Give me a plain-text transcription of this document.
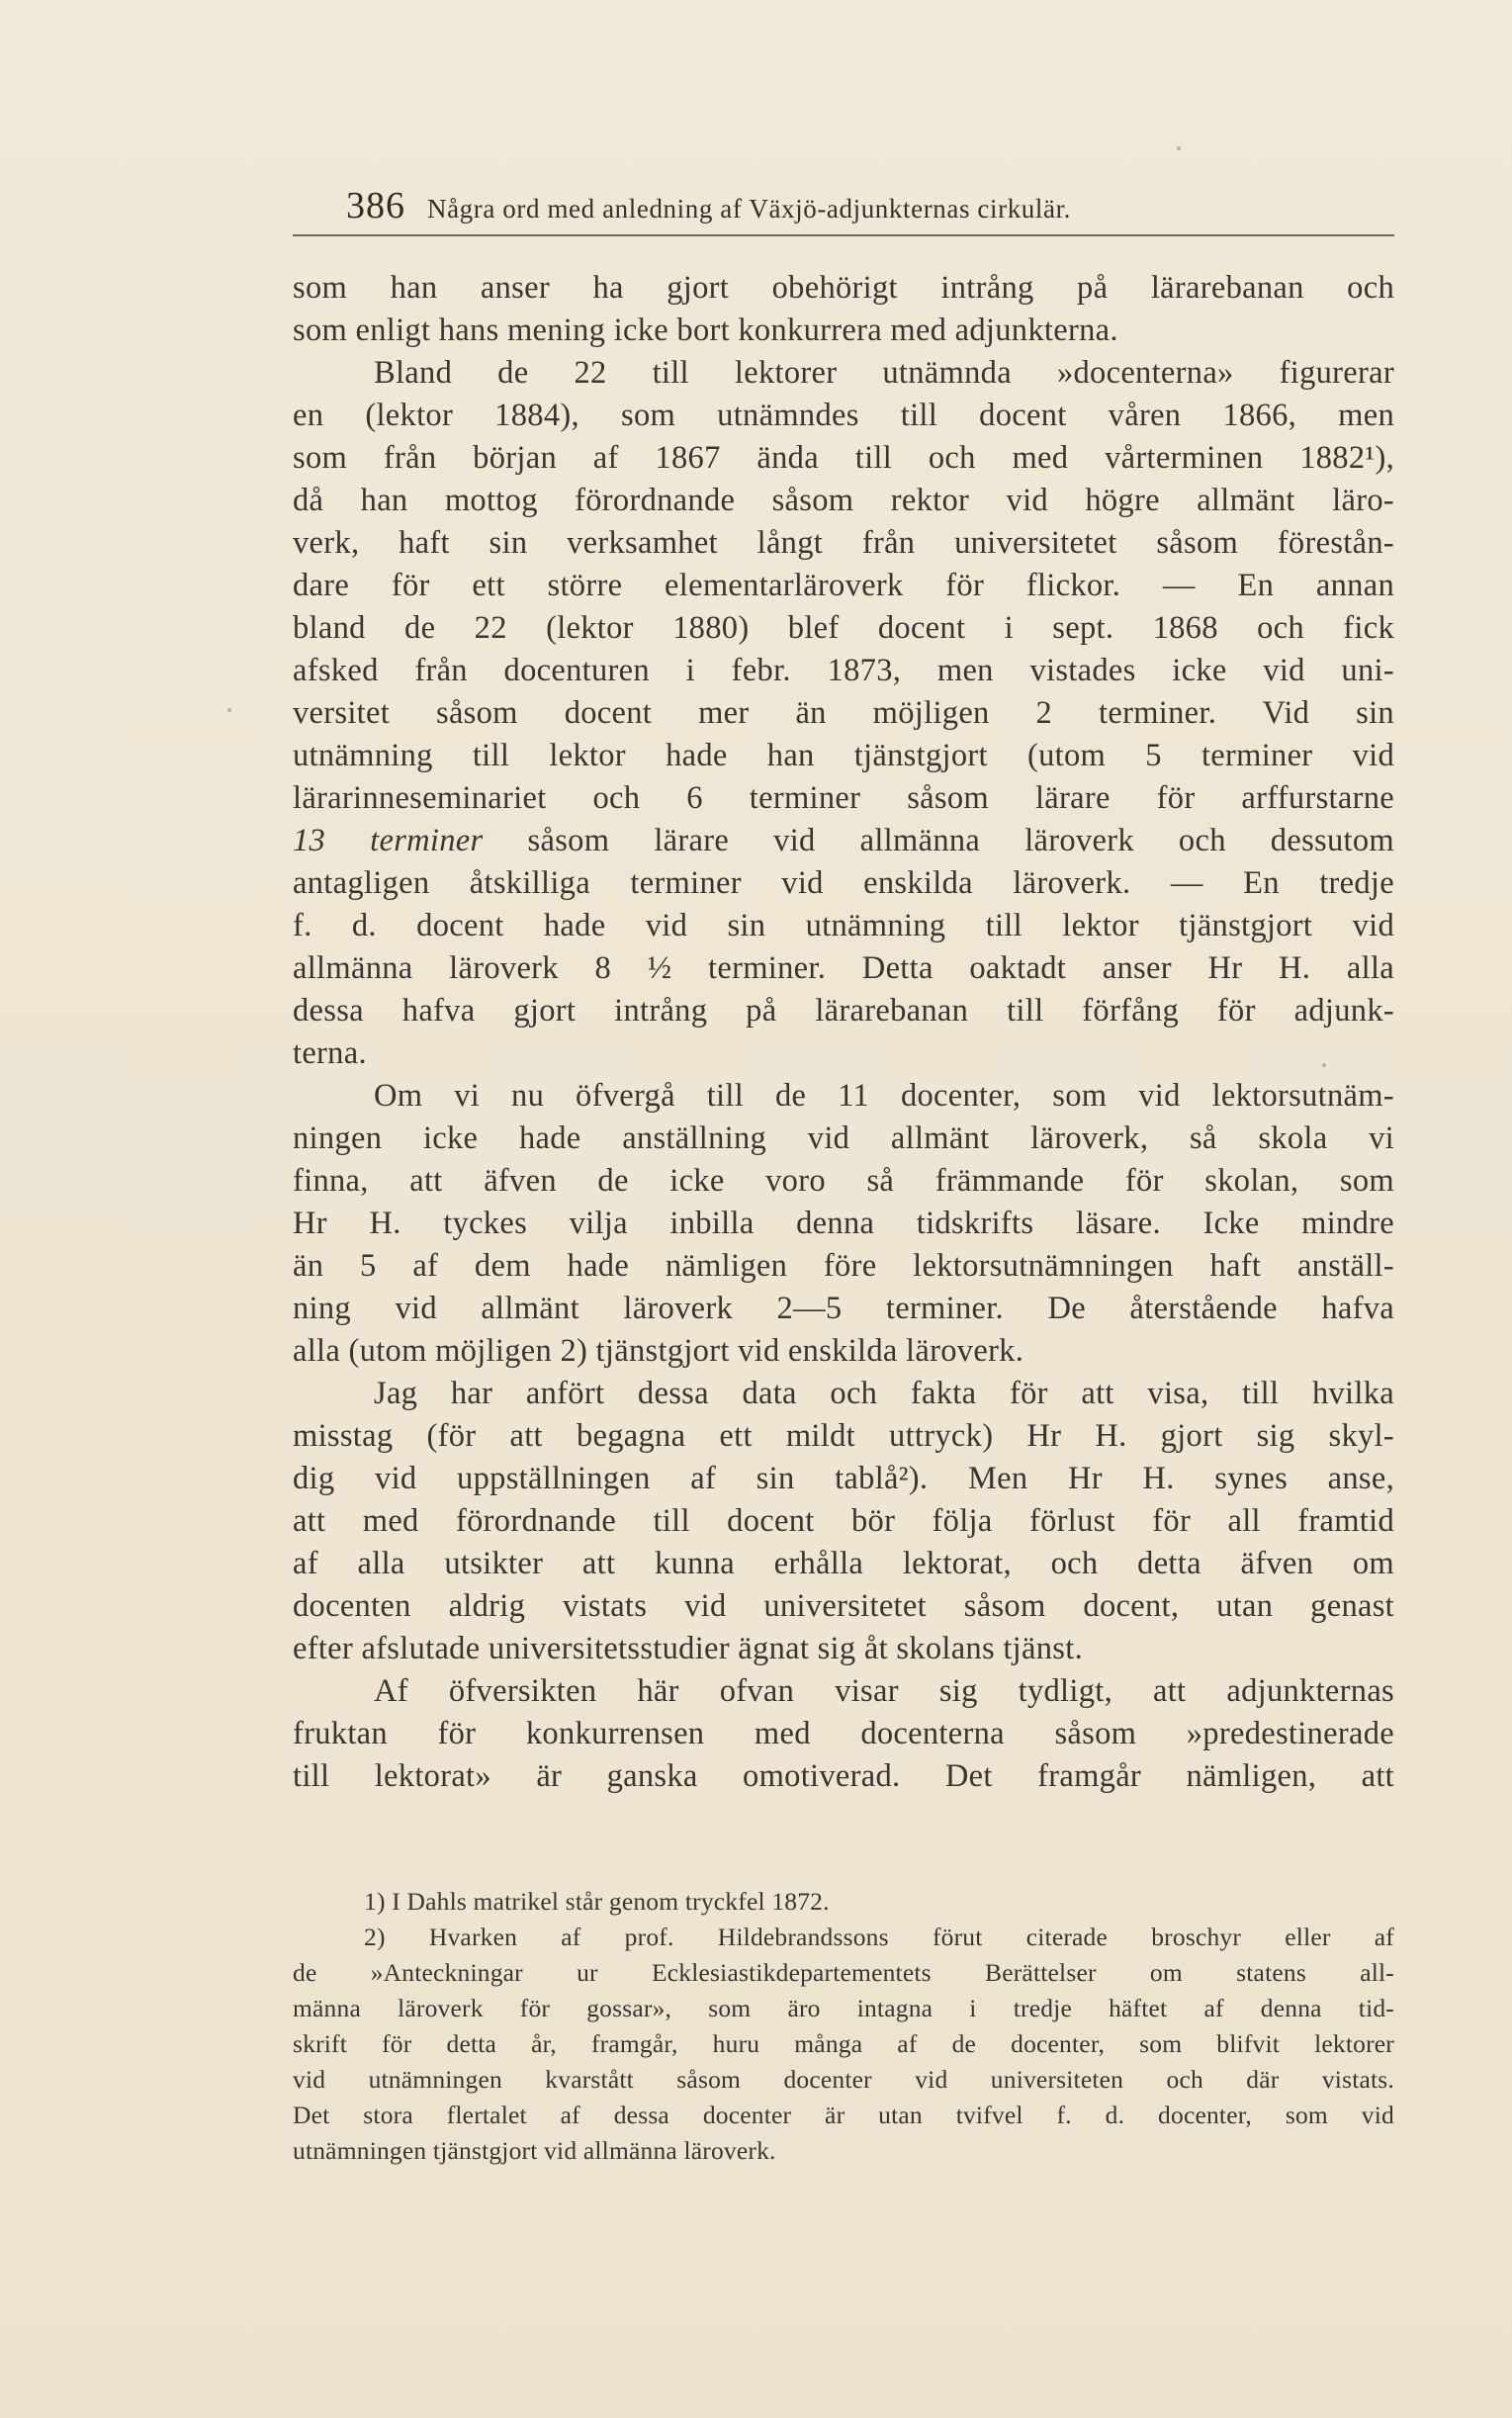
386 Några ord med anledning af Växjö-adjunkternas cirkulär.
som han anser ha gjort obehörigt intrång på lärarebanan och
som enligt hans mening icke bort konkurrera med adjunkterna.
Bland de 22 till lektorer utnämnda »docenterna» figurerar
en (lektor 1884), som utnämndes till docent våren 1866, men
som från början af 1867 ända till och med vårterminen 1882¹),
då han mottog förordnande såsom rektor vid högre allmänt läro-
verk, haft sin verksamhet långt från universitetet såsom förestån-
dare för ett större elementarläroverk för flickor. — En annan
bland de 22 (lektor 1880) blef docent i sept. 1868 och fick
afsked från docenturen i febr. 1873, men vistades icke vid uni-
versitet såsom docent mer än möjligen 2 terminer. Vid sin
utnämning till lektor hade han tjänstgjort (utom 5 terminer vid
lärarinneseminariet och 6 terminer såsom lärare för arffurstarne
13 terminer såsom lärare vid allmänna läroverk och dessutom
antagligen åtskilliga terminer vid enskilda läroverk. — En tredje
f. d. docent hade vid sin utnämning till lektor tjänstgjort vid
allmänna läroverk 8 ½ terminer. Detta oaktadt anser Hr H. alla
dessa hafva gjort intrång på lärarebanan till förfång för adjunk-
terna.
Om vi nu öfvergå till de 11 docenter, som vid lektorsutnäm-
ningen icke hade anställning vid allmänt läroverk, så skola vi
finna, att äfven de icke voro så främmande för skolan, som
Hr H. tyckes vilja inbilla denna tidskrifts läsare. Icke mindre
än 5 af dem hade nämligen före lektorsutnämningen haft anställ-
ning vid allmänt läroverk 2—5 terminer. De återstående hafva
alla (utom möjligen 2) tjänstgjort vid enskilda läroverk.
Jag har anfört dessa data och fakta för att visa, till hvilka
misstag (för att begagna ett mildt uttryck) Hr H. gjort sig skyl-
dig vid uppställningen af sin tablå²). Men Hr H. synes anse,
att med förordnande till docent bör följa förlust för all framtid
af alla utsikter att kunna erhålla lektorat, och detta äfven om
docenten aldrig vistats vid universitetet såsom docent, utan genast
efter afslutade universitetsstudier ägnat sig åt skolans tjänst.
Af öfversikten här ofvan visar sig tydligt, att adjunkternas
fruktan för konkurrensen med docenterna såsom »predestinerade
till lektorat» är ganska omotiverad. Det framgår nämligen, att
1) I Dahls matrikel står genom tryckfel 1872.
2) Hvarken af prof. Hildebrandssons förut citerade broschyr eller af
de »Anteckningar ur Ecklesiastikdepartementets Berättelser om statens all-
männa läroverk för gossar», som äro intagna i tredje häftet af denna tid-
skrift för detta år, framgår, huru många af de docenter, som blifvit lektorer
vid utnämningen kvarstått såsom docenter vid universiteten och där vistats.
Det stora flertalet af dessa docenter är utan tvifvel f. d. docenter, som vid
utnämningen tjänstgjort vid allmänna läroverk.
